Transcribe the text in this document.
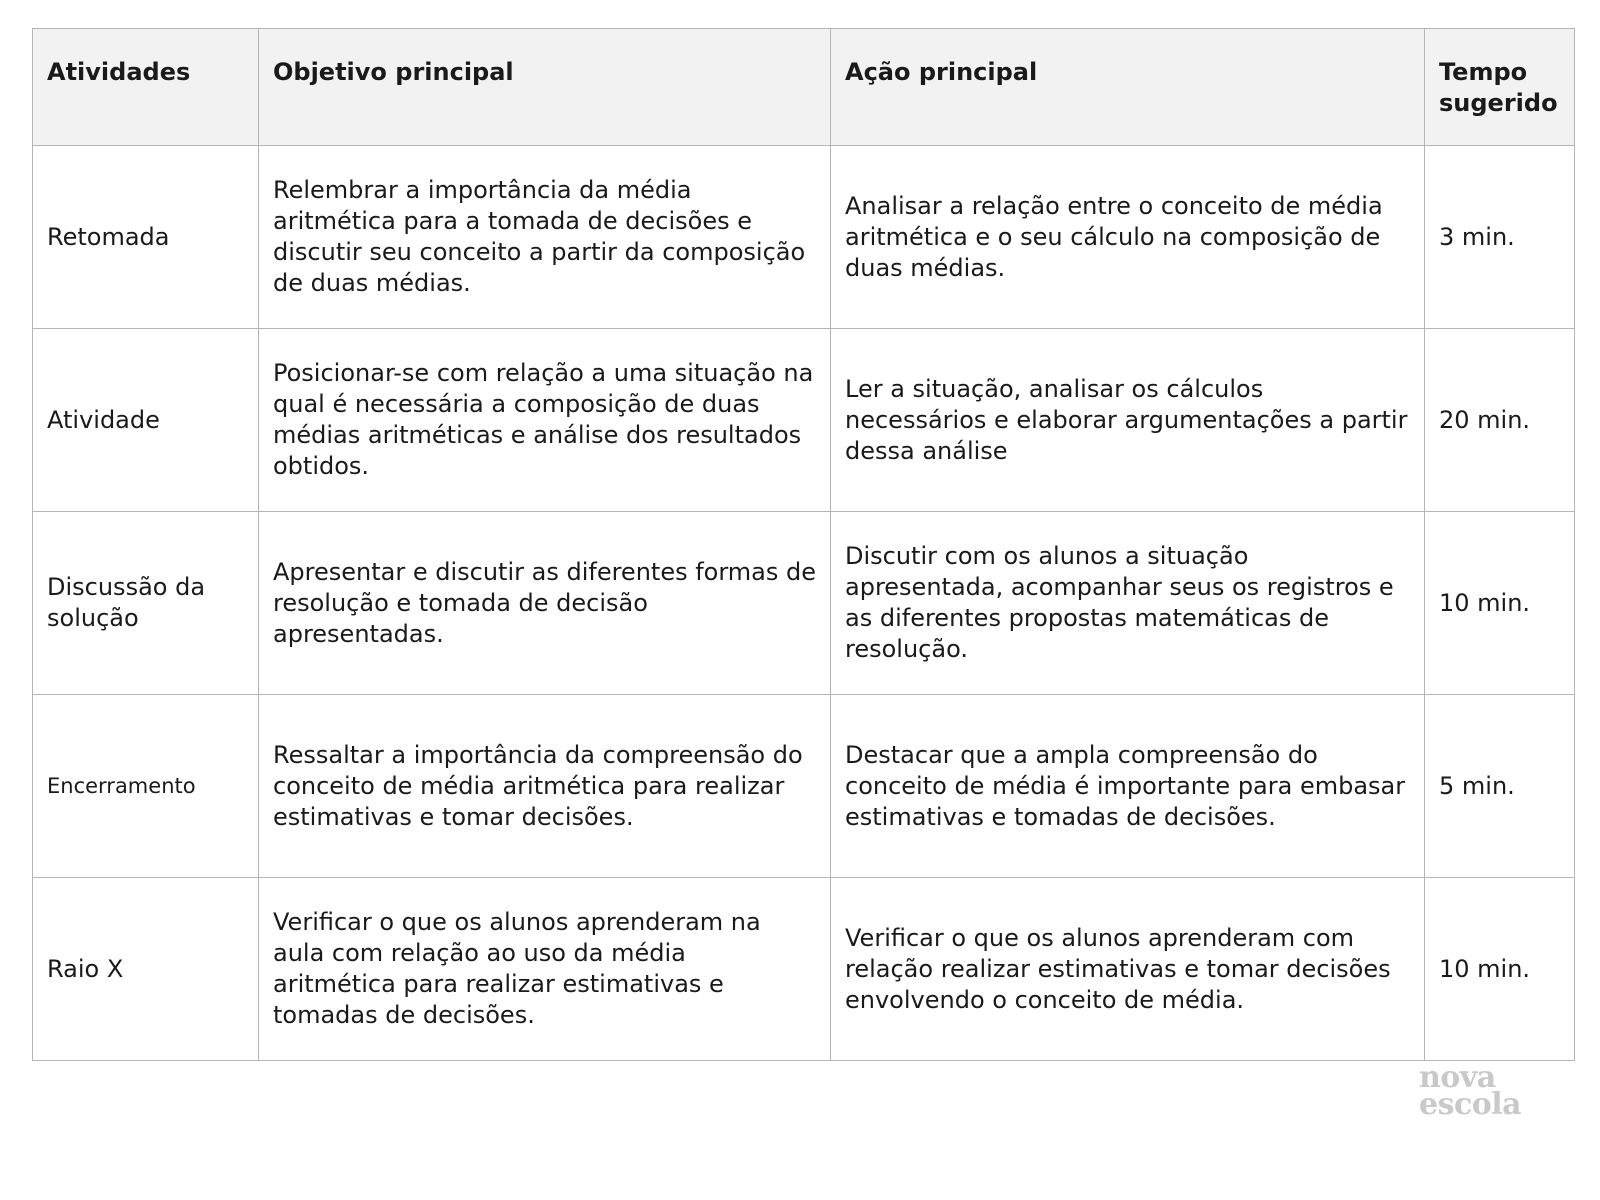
Atividades	Objetivo principal	Ação principal	Tempo sugerido
Retomada	Relembrar a importância da média aritmética para a tomada de decisões e discutir seu conceito a partir da composição de duas médias.	Analisar a relação entre o conceito de média aritmética e o seu cálculo na composição de duas médias.	3 min.
Atividade	Posicionar-se com relação a uma situação na qual é necessária a composição de duas médias aritméticas e análise dos resultados obtidos.	Ler a situação, analisar os cálculos necessários e elaborar argumentações a partir dessa análise	20 min.
Discussão da solução	Apresentar e discutir as diferentes formas de resolução e tomada de decisão apresentadas.	Discutir com os alunos a situação apresentada, acompanhar seus os registros e as diferentes propostas matemáticas de resolução.	10 min.
Encerramento	Ressaltar a importância da compreensão do conceito de média aritmética para realizar estimativas e tomar decisões.	Destacar que a ampla compreensão do conceito de média é importante para embasar estimativas e tomadas de decisões.	5 min.
Raio X	Verificar o que os alunos aprenderam na aula com relação ao uso da média aritmética para realizar estimativas e tomadas de decisões.	Verificar o que os alunos aprenderam com relação realizar estimativas e tomar decisões envolvendo o conceito de média.	10 min.
nova
escola
